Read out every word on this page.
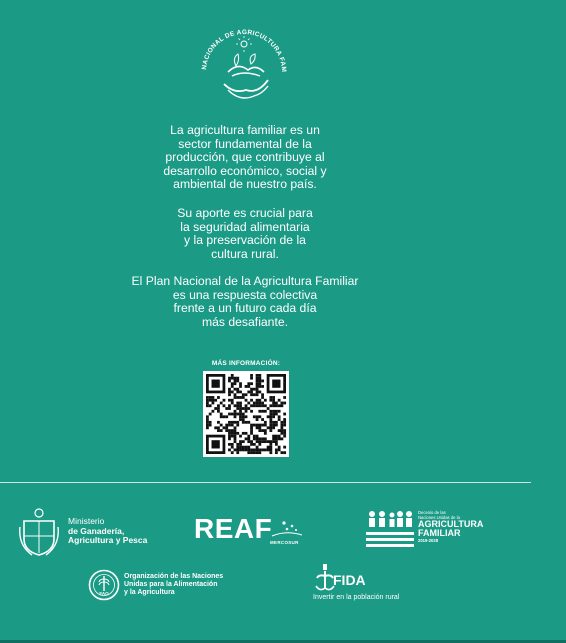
NACIONAL DE AGRICULTURA FAM

La agricultura familiar es un

sector fundamental de la

producción, que contribuye al

desarrollo económico, social y

ambiental de nuestro país.

Su aporte es crucial para

la seguridad alimentaria

y la preservación de la

cultura rural.

El Plan Nacional de la Agricultura Familiar

es una respuesta colectiva

frente a un futuro cada día

más desafiante.

MÁS INFORMACIÓN:
Ministerio
de Ganadería,
Agricultura y Pesca	REAF
MERCOSUR
Decenio de las
Naciones Unidas de la
AGRICULTURA
FAMILIAR
2019-2028
FAO
Organización de las Naciones
Unidas para la Alimentación
y la Agricultura
FIDA
Invertir en la población rural
